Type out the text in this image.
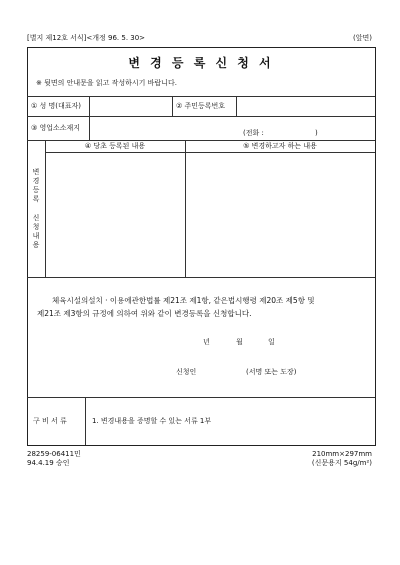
[별지 제12호 서식]<개정 96. 5. 30>	(앞면)
변 경 등 록 신 청 서
※ 뒷면의 안내문을 읽고 작성하시기 바랍니다.
① 성 명(대표자)	② 주민등록번호
③ 영업소소재지
(전화 :	)
변경등록 신청내용
④ 당초 등록된 내용	⑤ 변경하고자 하는 내용
체육시설의설치 · 이용에관한법률 제21조 제1항, 같은법시행령 제20조 제5항 및
제21조 제3항의 규정에 의하여 위와 같이 변경등록을 신청합니다.
년	월	일
신청인	(서명 또는 도장)
구 비 서 류	1. 변경내용을 증명할 수 있는 서류 1부
28259-06411민
94.4.19 승인
210mm×297mm
(신문용지 54g/m²)
